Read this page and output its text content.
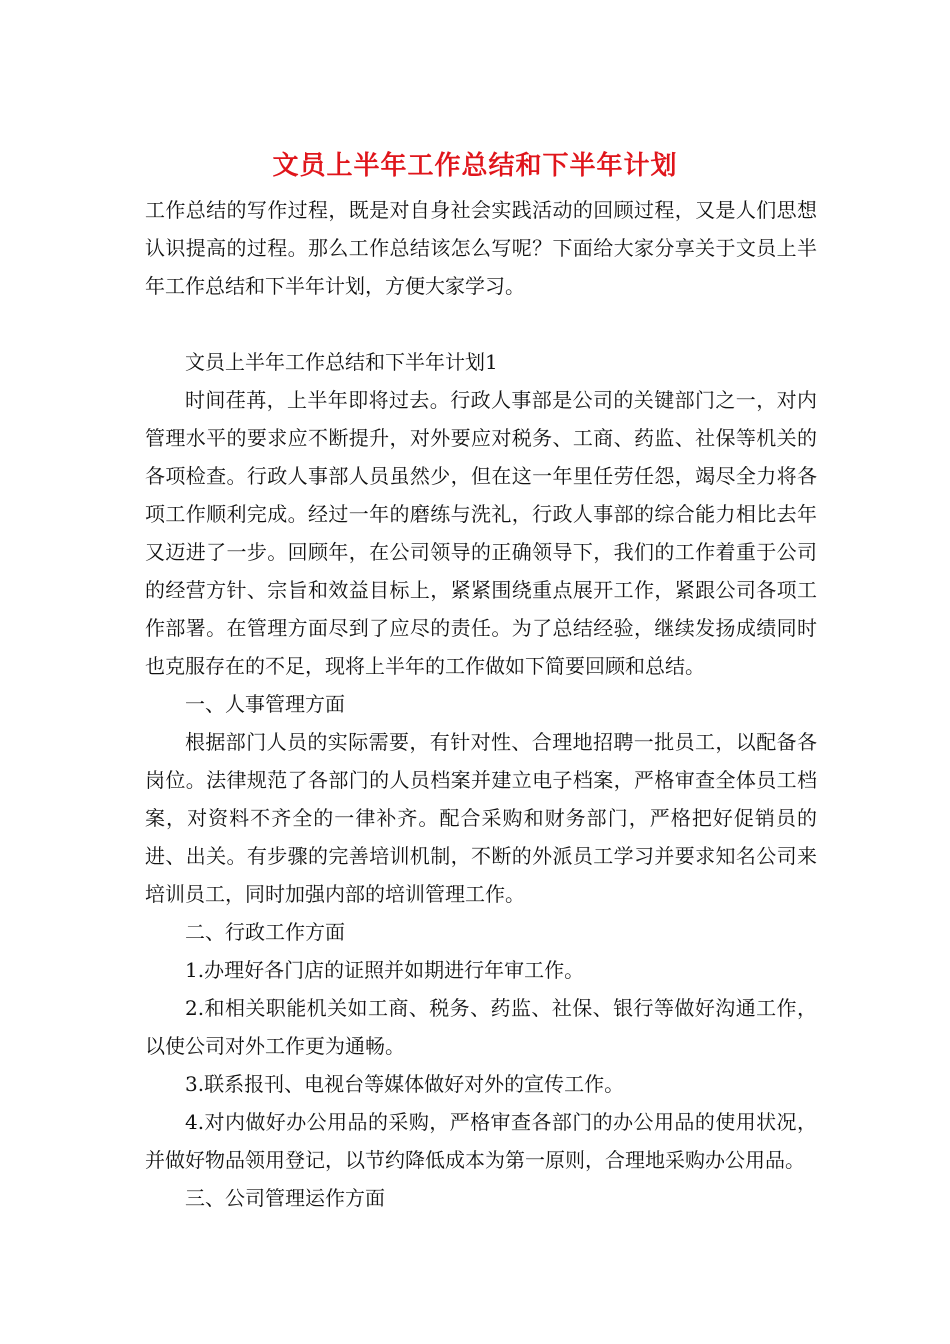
文员上半年工作总结和下半年计划

工作总结的写作过程，既是对自身社会实践活动的回顾过程，又是人们思想认识提高的过程。那么工作总结该怎么写呢？下面给大家分享关于文员上半年工作总结和下半年计划，方便大家学习。

文员上半年工作总结和下半年计划1

时间荏苒，上半年即将过去。行政人事部是公司的关键部门之一，对内管理水平的要求应不断提升，对外要应对税务、工商、药监、社保等机关的各项检查。行政人事部人员虽然少，但在这一年里任劳任怨，竭尽全力将各项工作顺利完成。经过一年的磨练与洗礼，行政人事部的综合能力相比去年又迈进了一步。回顾年，在公司领导的正确领导下，我们的工作着重于公司的经营方针、宗旨和效益目标上，紧紧围绕重点展开工作，紧跟公司各项工作部署。在管理方面尽到了应尽的责任。为了总结经验，继续发扬成绩同时也克服存在的不足，现将上半年的工作做如下简要回顾和总结。

一、人事管理方面

根据部门人员的实际需要，有针对性、合理地招聘一批员工，以配备各岗位。法律规范了各部门的人员档案并建立电子档案，严格审查全体员工档案，对资料不齐全的一律补齐。配合采购和财务部门，严格把好促销员的进、出关。有步骤的完善培训机制，不断的外派员工学习并要求知名公司来培训员工，同时加强内部的培训管理工作。

二、行政工作方面

1.办理好各门店的证照并如期进行年审工作。

2.和相关职能机关如工商、税务、药监、社保、银行等做好沟通工作，以使公司对外工作更为通畅。

3.联系报刊、电视台等媒体做好对外的宣传工作。

4.对内做好办公用品的采购，严格审查各部门的办公用品的使用状况，并做好物品领用登记，以节约降低成本为第一原则，合理地采购办公用品。

三、公司管理运作方面
